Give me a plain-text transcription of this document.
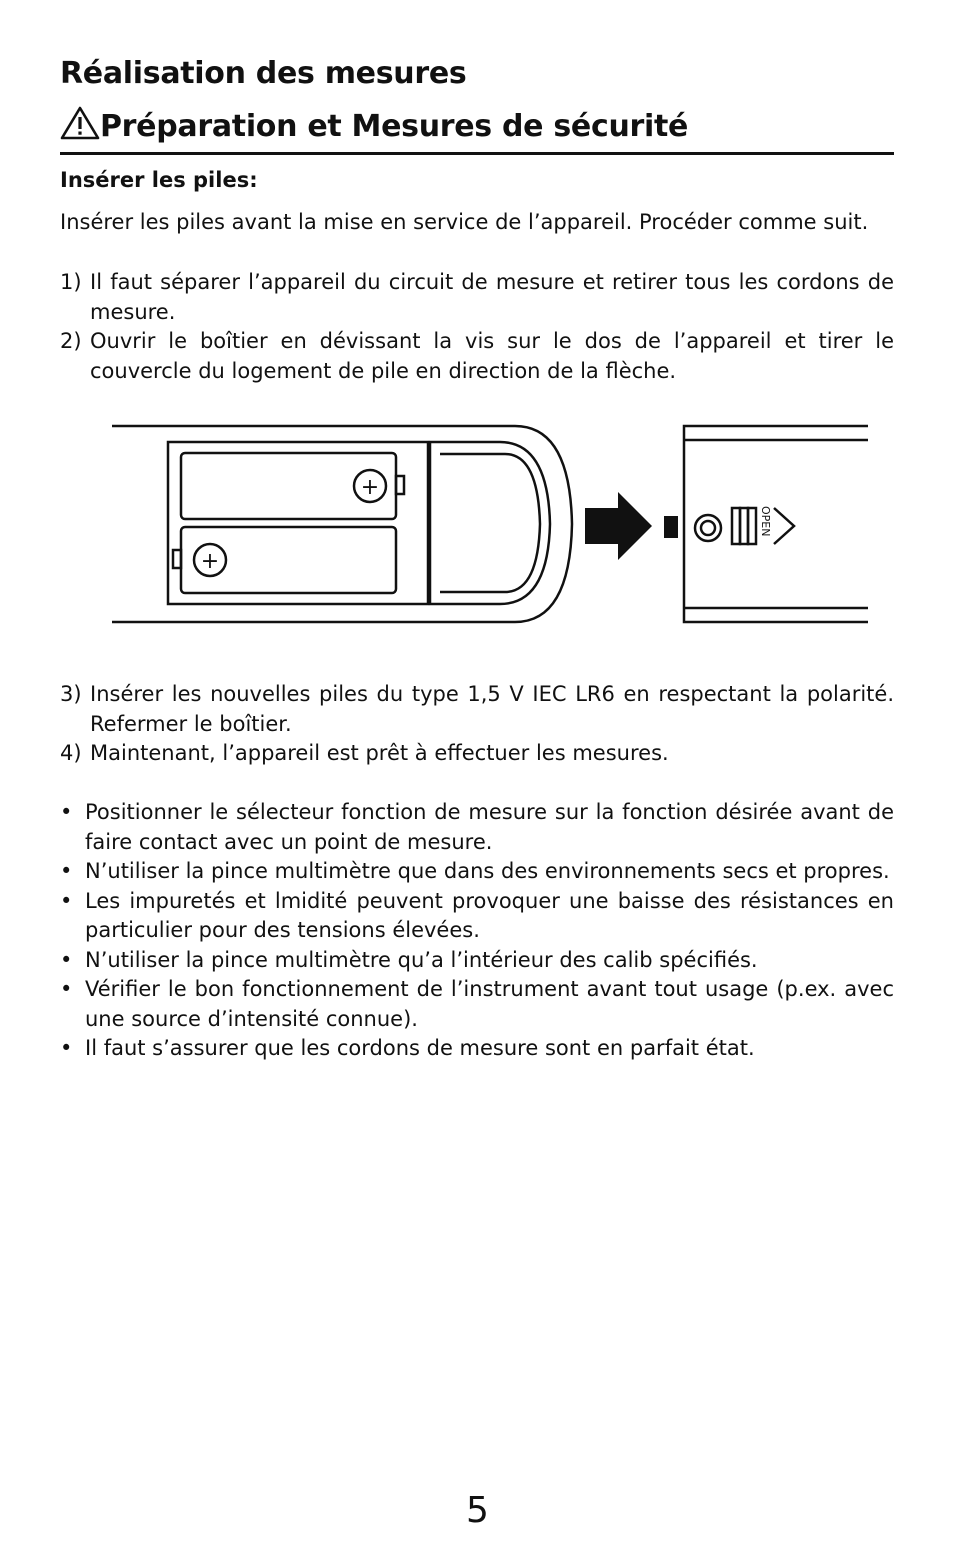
Réalisation des mesures
Préparation et Mesures de sécurité

Insérer les piles:

Insérer les piles avant la mise en service de l’appareil. Procéder comme suit.

1) Il faut séparer l’appareil du circuit de mesure et retirer tous les cordons de mesure.
2) Ouvrir le boîtier en dévissant la vis sur le dos de l’appareil et tirer le couvercle du logement de pile en direction de la flèche.
+
+
OPEN
3) Insérer les nouvelles piles du type 1,5 V IEC LR6 en respectant la polarité. Refermer le boîtier.
4) Maintenant, l’appareil est prêt à effectuer les mesures.
• Positionner le sélecteur fonction de mesure sur la fonction désirée avant de faire contact avec un point de mesure.
• N’utiliser la pince multimètre que dans des environnements secs et propres.
• Les impuretés et lmidité peuvent provoquer une baisse des résistances en particulier pour des tensions élevées.
• N’utiliser la pince multimètre qu’a l’intérieur des calib spécifiés.
• Vérifier le bon fonctionnement de l’instrument avant tout usage (p.ex. avec une source d’intensité connue).
• Il faut s’assurer que les cordons de mesure sont en parfait état.
5
